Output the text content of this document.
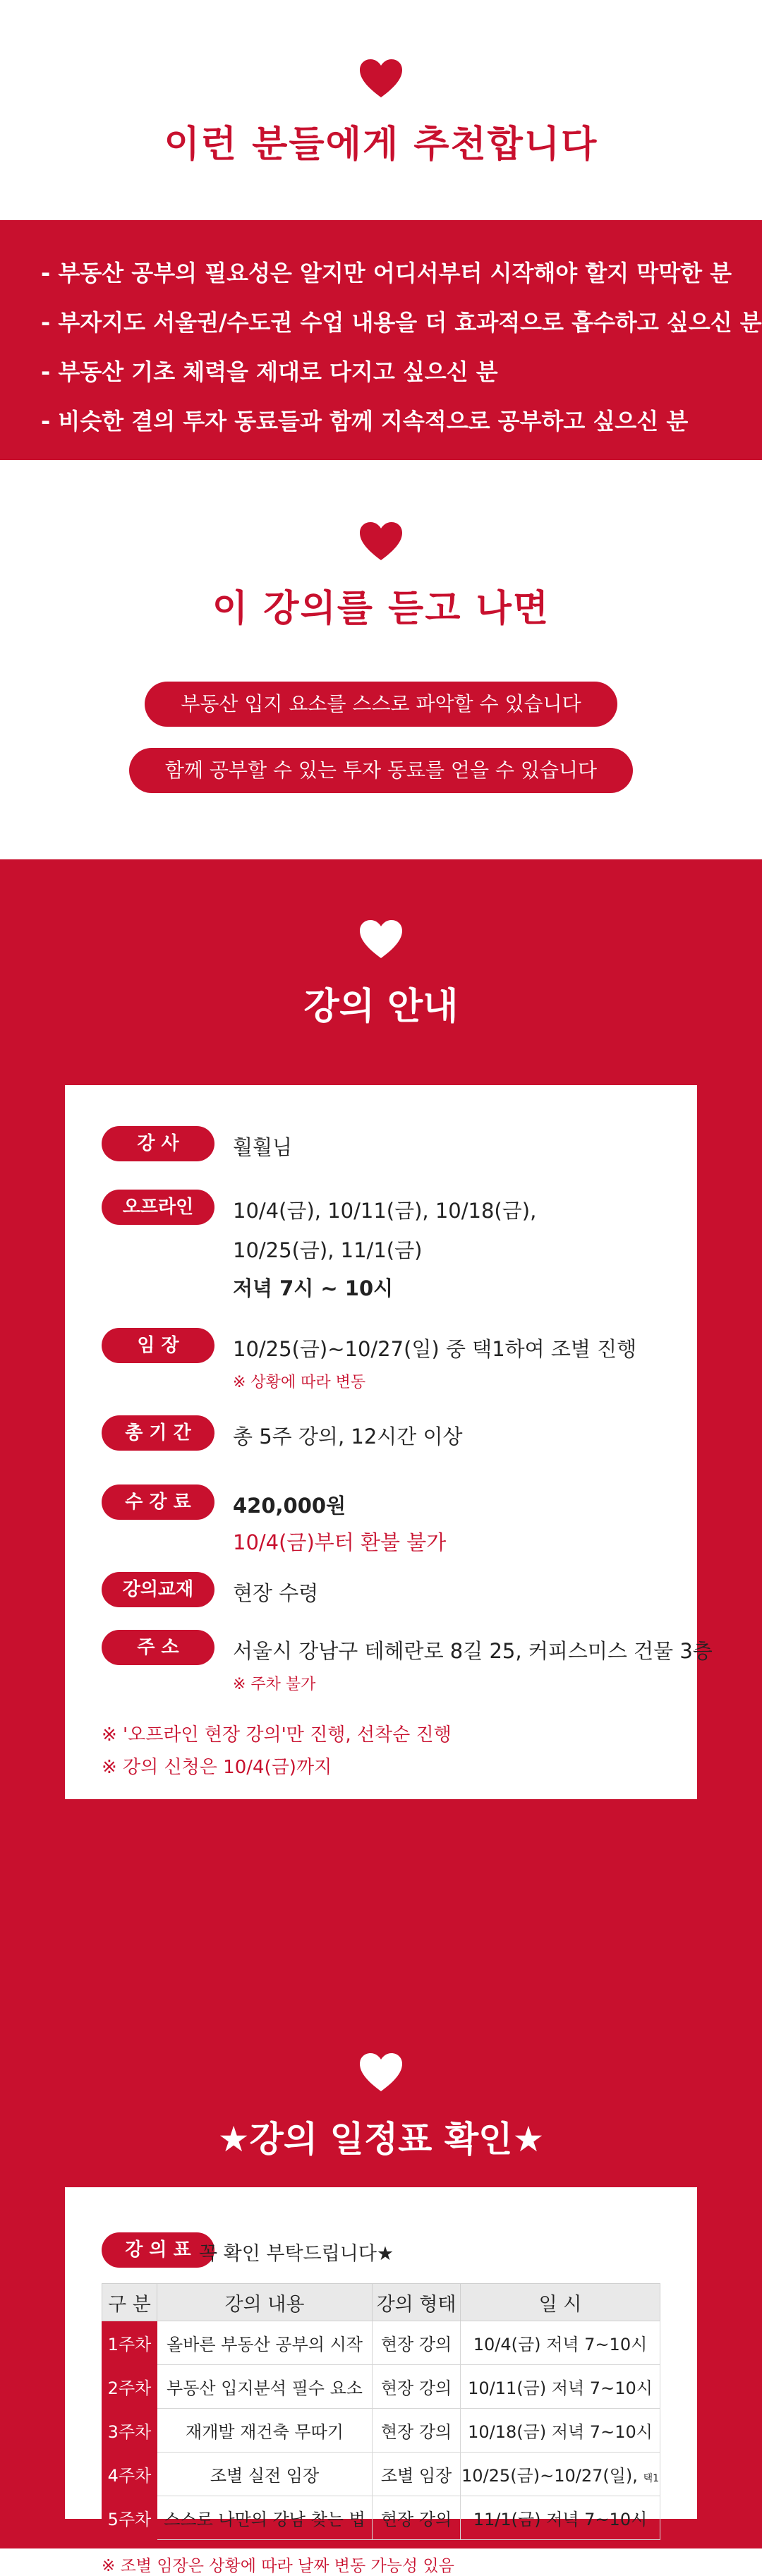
이런 분들에게 추천합니다
- 부동산 공부의 필요성은 알지만 어디서부터 시작해야 할지 막막한 분
- 부자지도 서울권/수도권 수업 내용을 더 효과적으로 흡수하고 싶으신 분
- 부동산 기초 체력을 제대로 다지고 싶으신 분
- 비슷한 결의 투자 동료들과 함께 지속적으로 공부하고 싶으신 분
이 강의를 듣고 나면
부동산 입지 요소를 스스로 파악할 수 있습니다
함께 공부할 수 있는 투자 동료를 얻을 수 있습니다
강의 안내
강 사	훨훨님
오프라인	10/4(금), 10/11(금), 10/18(금),
10/25(금), 11/1(금)
저녁 7시 ~ 10시
임 장	10/25(금)~10/27(일) 중 택1하여 조별 진행
※ 상황에 따라 변동
총 기 간	총 5주 강의, 12시간 이상
수 강 료	420,000원
10/4(금)부터 환불 불가
강의교재	현장 수령
주 소	서울시 강남구 테헤란로 8길 25, 커피스미스 건물 3층
※ 주차 불가
※ '오프라인 현장 강의'만 진행, 선착순 진행
※ 강의 신청은 10/4(금)까지
★강의 일정표 확인★
강 의 표 꼭 확인 부탁드립니다★
구 분	강의 내용	강의 형태	일 시
1주차	올바른 부동산 공부의 시작	현장 강의	10/4(금) 저녁 7~10시
2주차	부동산 입지분석 필수 요소	현장 강의	10/11(금) 저녁 7~10시
3주차	재개발 재건축 무따기	현장 강의	10/18(금) 저녁 7~10시
4주차	조별 실전 임장	조별 임장	10/25(금)~10/27(일), 택1
5주차	스스로 나만의 강남 찾는 법	현장 강의	11/1(금) 저녁 7~10시
※ 조별 임장은 상황에 따라 날짜 변동 가능성 있음
